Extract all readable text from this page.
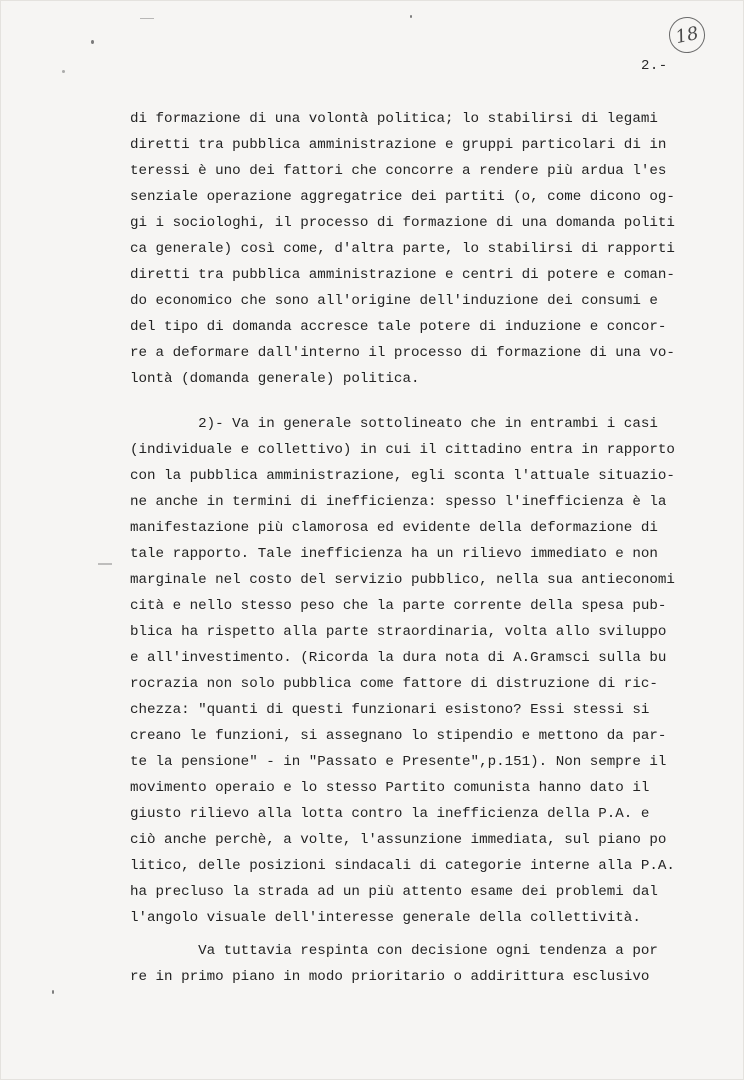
18
2.-
di formazione di una volontà politica; lo stabilirsi di legami
diretti tra pubblica amministrazione e gruppi particolari di in
teressi è uno dei fattori che concorre a rendere più ardua l'es
senziale operazione aggregatrice dei partiti (o, come dicono og-
gi i sociologhi, il processo di formazione di una domanda politi
ca generale) così come, d'altra parte, lo stabilirsi di rapporti
diretti tra pubblica amministrazione e centri di potere e coman-
do economico che sono all'origine dell'induzione dei consumi e
del tipo di domanda accresce tale potere di induzione e concor-
re a deformare dall'interno il processo di formazione di una vo-
lontà (domanda generale) politica.
2)- Va in generale sottolineato che in entrambi i casi
(individuale e collettivo) in cui il cittadino entra in rapporto
con la pubblica amministrazione, egli sconta l'attuale situazio-
ne anche in termini di inefficienza: spesso l'inefficienza è la
manifestazione più clamorosa ed evidente della deformazione di
tale rapporto. Tale inefficienza ha un rilievo immediato e non
marginale nel costo del servizio pubblico, nella sua antieconomi
cità e nello stesso peso che la parte corrente della spesa pub-
blica ha rispetto alla parte straordinaria, volta allo sviluppo
e all'investimento. (Ricorda la dura nota di A.Gramsci sulla bu
rocrazia non solo pubblica come fattore di distruzione di ric-
chezza: "quanti di questi funzionari esistono? Essi stessi si
creano le funzioni, si assegnano lo stipendio e mettono da par-
te la pensione" - in "Passato e Presente",p.151). Non sempre il
movimento operaio e lo stesso Partito comunista hanno dato il
giusto rilievo alla lotta contro la inefficienza della P.A. e
ciò anche perchè, a volte, l'assunzione immediata, sul piano po
litico, delle posizioni sindacali di categorie interne alla P.A.
ha precluso la strada ad un più attento esame dei problemi dal
l'angolo visuale dell'interesse generale della collettività.
Va tuttavia respinta con decisione ogni tendenza a por
re in primo piano in modo prioritario o addirittura esclusivo
